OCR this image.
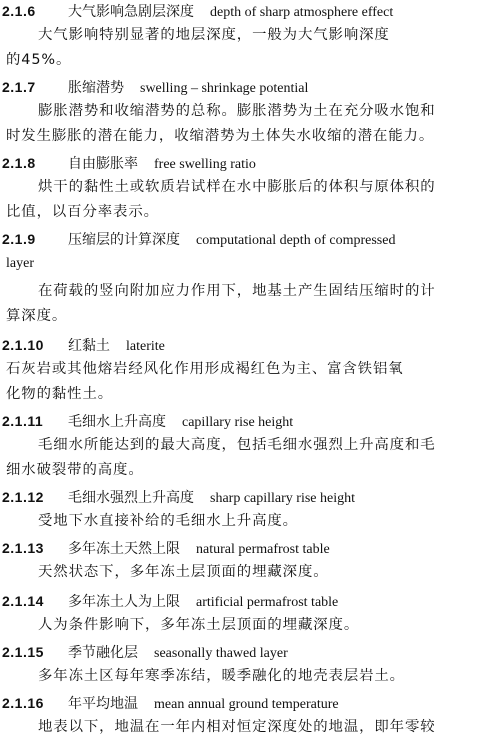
2.1.6 大气影响急剧层深度 depth of sharp atmosphere effect
大气影响特别显著的地层深度，一般为大气影响深度
的45%。
2.1.7 胀缩潜势 swelling – shrinkage potential
膨胀潜势和收缩潜势的总称。膨胀潜势为土在充分吸水饱和
时发生膨胀的潜在能力，收缩潜势为土体失水收缩的潜在能力。
2.1.8 自由膨胀率 free swelling ratio
烘干的黏性土或软质岩试样在水中膨胀后的体积与原体积的
比值，以百分率表示。
2.1.9 压缩层的计算深度 computational depth of compressed
layer
在荷载的竖向附加应力作用下，地基土产生固结压缩时的计
算深度。
2.1.10 红黏土 laterite
石灰岩或其他熔岩经风化作用形成褐红色为主、富含铁铝氧
化物的黏性土。
2.1.11 毛细水上升高度 capillary rise height
毛细水所能达到的最大高度，包括毛细水强烈上升高度和毛
细水破裂带的高度。
2.1.12 毛细水强烈上升高度 sharp capillary rise height
受地下水直接补给的毛细水上升高度。
2.1.13 多年冻土天然上限 natural permafrost table
天然状态下，多年冻土层顶面的埋藏深度。
2.1.14 多年冻土人为上限 artificial permafrost table
人为条件影响下，多年冻土层顶面的埋藏深度。
2.1.15 季节融化层 seasonally thawed layer
多年冻土区每年寒季冻结，暖季融化的地壳表层岩土。
2.1.16 年平均地温 mean annual ground temperature
地表以下，地温在一年内相对恒定深度处的地温，即年零较
